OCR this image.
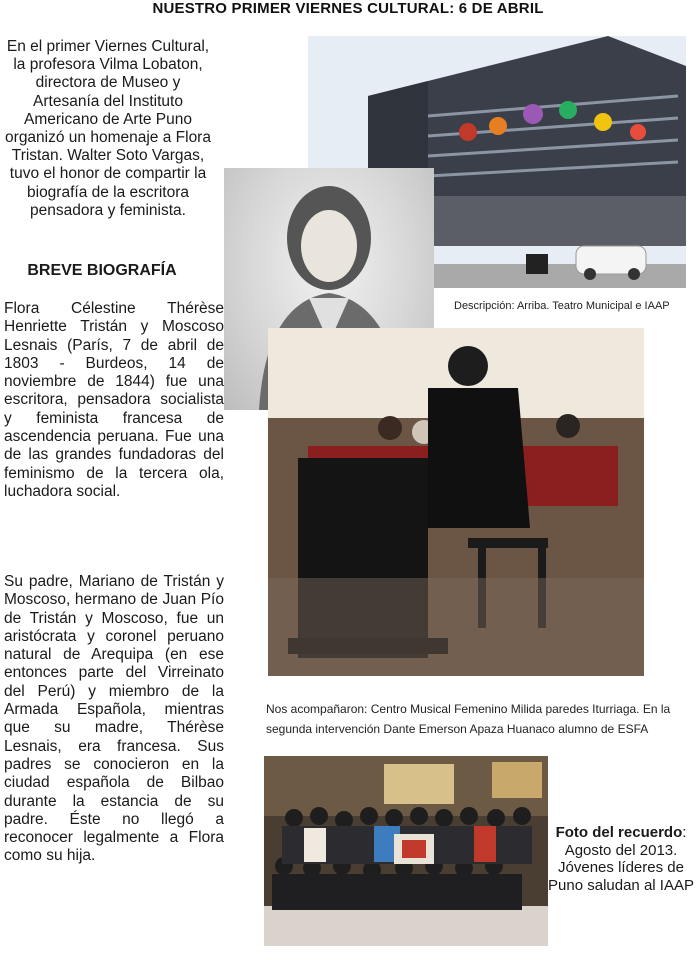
NUESTRO PRIMER VIERNES CULTURAL: 6 DE ABRIL
En el primer Viernes Cultural, la profesora Vilma Lobaton, directora de Museo y Artesanía del Instituto Americano de Arte Puno organizó un homenaje a Flora Tristan. Walter Soto Vargas, tuvo el honor de compartir la biografía de la escritora pensadora y feminista.
BREVE BIOGRAFÍA
Flora Célestine Thérèse Henriette Tristán y Moscoso Lesnais (París, 7 de abril de 1803 - Burdeos, 14 de noviembre de 1844) fue una escritora, pensadora socialista y feminista francesa de ascendencia peruana. Fue una de las grandes fundadoras del feminismo de la tercera ola, luchadora social.
Su padre, Mariano de Tristán y Moscoso, hermano de Juan Pío de Tristán y Moscoso, fue un aristócrata y coronel peruano natural de Arequipa (en ese entonces parte del Virreinato del Perú) y miembro de la Armada Española, mientras que su madre, Thérèse Lesnais, era francesa. Sus padres se conocieron en la ciudad española de Bilbao durante la estancia de su padre. Éste no llegó a reconocer legalmente a Flora como su hija.
Descripción: Arriba. Teatro Municipal e IAAP
Nos acompañaron: Centro Musical Femenino Milida paredes Iturriaga. En la segunda intervención Dante Emerson Apaza Huanaco alumno de ESFA
Foto del recuerdo: Agosto del 2013. Jóvenes líderes de Puno saludan al IAAP
